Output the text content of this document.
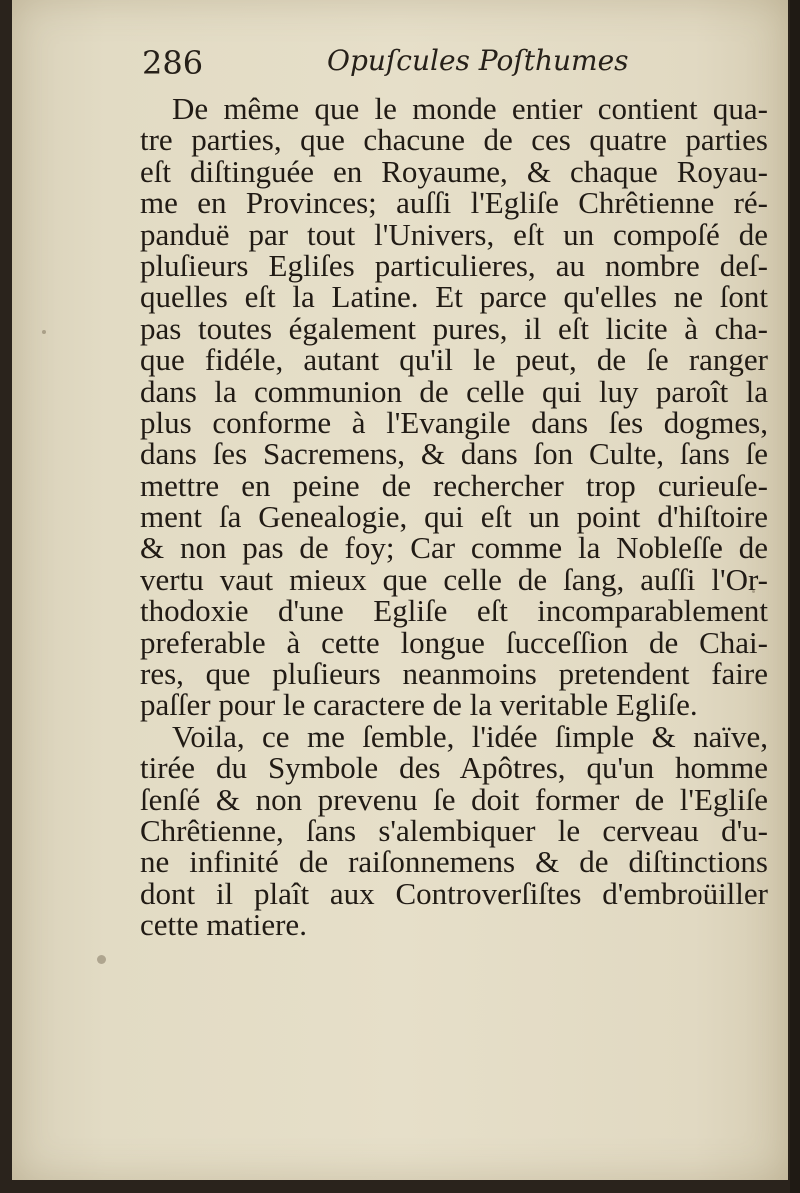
286	Opuſcules Poſthumes
De même que le monde entier contient qua-
tre parties, que chacune de ces quatre parties
eſt diſtinguée en Royaume, & chaque Royau-
me en Provinces; auſſi l'Egliſe Chrêtienne ré-
panduë par tout l'Univers, eſt un compoſé de
pluſieurs Egliſes particulieres, au nombre deſ-
quelles eſt la Latine. Et parce qu'elles ne ſont
pas toutes également pures, il eſt licite à cha-
que fidéle, autant qu'il le peut, de ſe ranger
dans la communion de celle qui luy paroît la
plus conforme à l'Evangile dans ſes dogmes,
dans ſes Sacremens, & dans ſon Culte, ſans ſe
mettre en peine de rechercher trop curieuſe-
ment ſa Genealogie, qui eſt un point d'hiſtoire
& non pas de foy; Car comme la Nobleſſe de
vertu vaut mieux que celle de ſang, auſſi l'Or-
thodoxie d'une Egliſe eſt incomparablement
preferable à cette longue ſucceſſion de Chai-
res, que pluſieurs neanmoins pretendent faire
paſſer pour le caractere de la veritable Egliſe.
Voila, ce me ſemble, l'idée ſimple & naïve,
tirée du Symbole des Apôtres, qu'un homme
ſenſé & non prevenu ſe doit former de l'Egliſe
Chrêtienne, ſans s'alembiquer le cerveau d'u-
ne infinité de raiſonnemens & de diſtinctions
dont il plaît aux Controverſiſtes d'embroüiller
cette matiere.
